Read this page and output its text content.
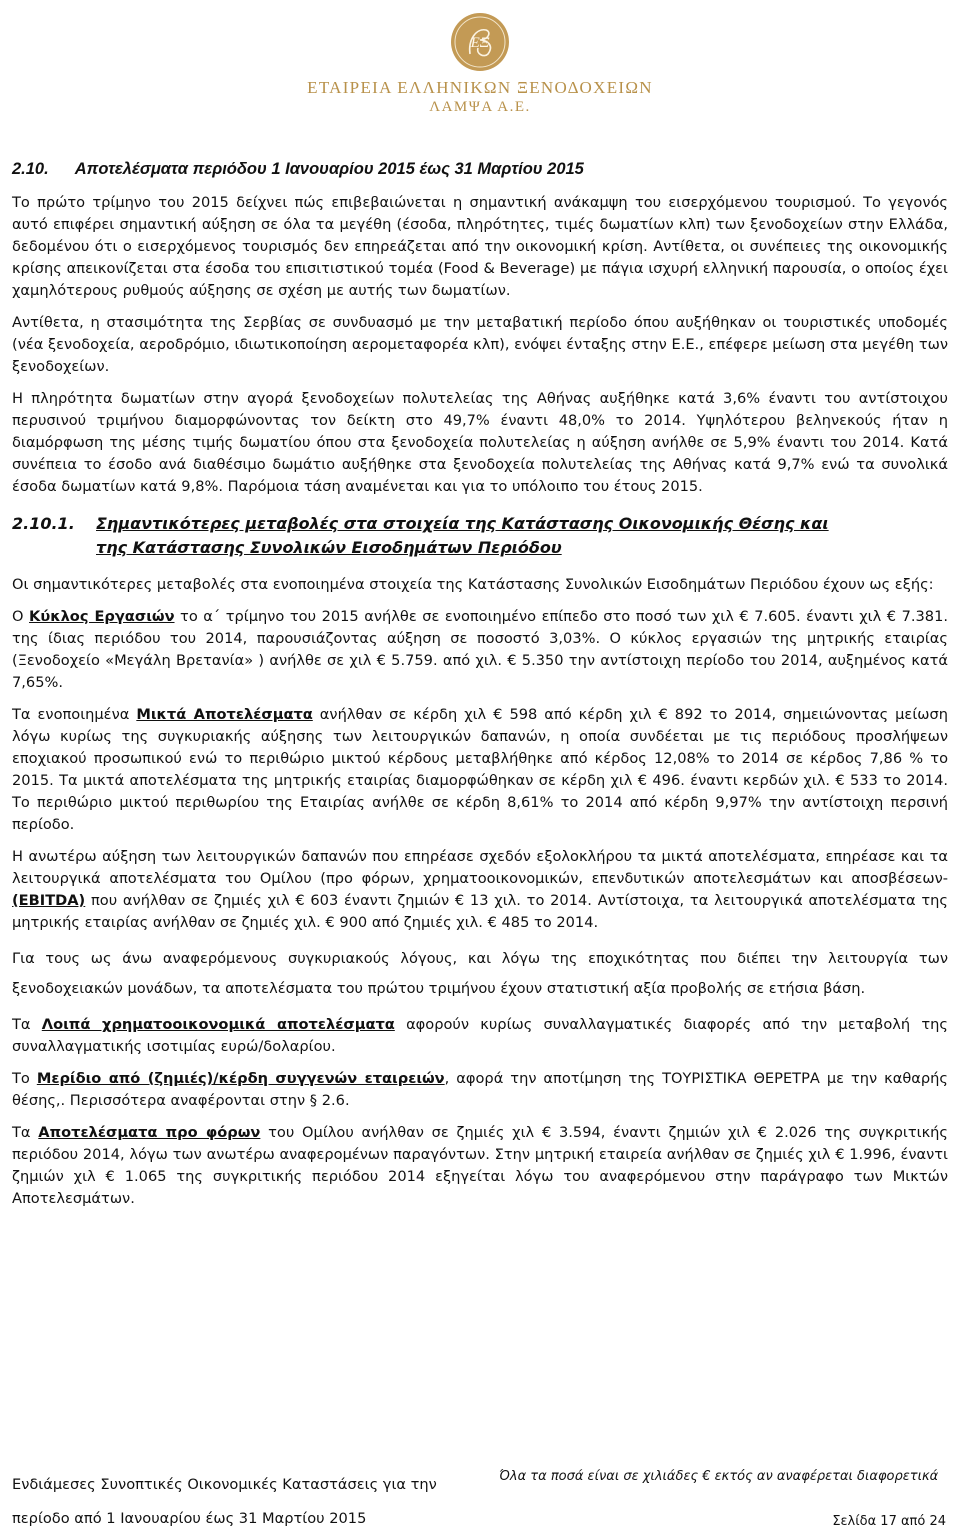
ΕΞ
ΕΤΑΙΡΕΙΑ ΕΛΛΗΝΙΚΩΝ ΞΕΝΟΔΟΧΕΙΩΝ
ΛΑΜΨΑ Α.Ε.
2.10. Αποτελέσματα περιόδου 1 Ιανουαρίου 2015 έως 31 Μαρτίου 2015

Το πρώτο τρίμηνο του 2015 δείχνει πώς επιβεβαιώνεται η σημαντική ανάκαμψη του εισερχόμενου τουρισμού. Το γεγονός αυτό επιφέρει σημαντική αύξηση σε όλα τα μεγέθη (έσοδα, πληρότητες, τιμές δωματίων κλπ) των ξενοδοχείων στην Ελλάδα, δεδομένου ότι ο εισερχόμενος τουρισμός δεν επηρεάζεται από την οικονομική κρίση. Αντίθετα, οι συνέπειες της οικονομικής κρίσης απεικονίζεται στα έσοδα του επισιτιστικού τομέα (Food & Beverage) με πάγια ισχυρή ελληνική παρουσία, ο οποίος έχει χαμηλότερους ρυθμούς αύξησης σε σχέση με αυτής των δωματίων.

Αντίθετα, η στασιμότητα της Σερβίας σε συνδυασμό με την μεταβατική περίοδο όπου αυξήθηκαν οι τουριστικές υποδομές (νέα ξενοδοχεία, αεροδρόμιο, ιδιωτικοποίηση αερομεταφορέα κλπ), ενόψει ένταξης στην Ε.Ε., επέφερε μείωση στα μεγέθη των ξενοδοχείων.

Η πληρότητα δωματίων στην αγορά ξενοδοχείων πολυτελείας της Αθήνας αυξήθηκε κατά 3,6% έναντι του αντίστοιχου περυσινού τριμήνου διαμορφώνοντας τον δείκτη στο 49,7% έναντι 48,0% το 2014. Υψηλότερου βεληνεκούς ήταν η διαμόρφωση της μέσης τιμής δωματίου όπου στα ξενοδοχεία πολυτελείας η αύξηση ανήλθε σε 5,9% έναντι του 2014. Κατά συνέπεια το έσοδο ανά διαθέσιμο δωμάτιο αυξήθηκε στα ξενοδοχεία πολυτελείας της Αθήνας κατά 9,7% ενώ τα συνολικά έσοδα δωματίων κατά 9,8%. Παρόμοια τάση αναμένεται και για το υπόλοιπο του έτους 2015.

2.10.1. Σημαντικότερες μεταβολές στα στοιχεία της Κατάστασης Οικονομικής Θέσης και
της Κατάστασης Συνολικών Εισοδημάτων Περιόδου

Οι σημαντικότερες μεταβολές στα ενοποιημένα στοιχεία της Κατάστασης Συνολικών Εισοδημάτων Περιόδου έχουν ως εξής:

Ο Κύκλος Εργασιών το α΄ τρίμηνο του 2015 ανήλθε σε ενοποιημένο επίπεδο στο ποσό των χιλ € 7.605. έναντι χιλ € 7.381. της ίδιας περιόδου του 2014, παρουσιάζοντας αύξηση σε ποσοστό 3,03%. Ο κύκλος εργασιών της μητρικής εταιρίας (Ξενοδοχείο «Μεγάλη Βρετανία» ) ανήλθε σε χιλ € 5.759. από χιλ. € 5.350 την αντίστοιχη περίοδο του 2014, αυξημένος κατά 7,65%.

Τα ενοποιημένα Μικτά Αποτελέσματα ανήλθαν σε κέρδη χιλ € 598 από κέρδη χιλ € 892 το 2014, σημειώνοντας μείωση λόγω κυρίως της συγκυριακής αύξησης των λειτουργικών δαπανών, η οποία συνδέεται με τις περιόδους προσλήψεων εποχιακού προσωπικού ενώ το περιθώριο μικτού κέρδους μεταβλήθηκε από κέρδος 12,08% το 2014 σε κέρδος 7,86 % το 2015. Τα μικτά αποτελέσματα της μητρικής εταιρίας διαμορφώθηκαν σε κέρδη χιλ € 496. έναντι κερδών χιλ. € 533 το 2014. Το περιθώριο μικτού περιθωρίου της Εταιρίας ανήλθε σε κέρδη 8,61% το 2014 από κέρδη 9,97% την αντίστοιχη περσινή περίοδο.

Η ανωτέρω αύξηση των λειτουργικών δαπανών που επηρέασε σχεδόν εξολοκλήρου τα μικτά αποτελέσματα, επηρέασε και τα λειτουργικά αποτελέσματα του Ομίλου (προ φόρων, χρηματοοικονομικών, επενδυτικών αποτελεσμάτων και αποσβέσεων-(EBITDA) που ανήλθαν σε ζημιές χιλ € 603 έναντι ζημιών € 13 χιλ. το 2014. Αντίστοιχα, τα λειτουργικά αποτελέσματα της μητρικής εταιρίας ανήλθαν σε ζημιές χιλ. € 900 από ζημιές χιλ. € 485 το 2014.

Για τους ως άνω αναφερόμενους συγκυριακούς λόγους, και λόγω της εποχικότητας που διέπει την λειτουργία των ξενοδοχειακών μονάδων, τα αποτελέσματα του πρώτου τριμήνου έχουν στατιστική αξία προβολής σε ετήσια βάση.

Τα Λοιπά χρηματοοικονομικά αποτελέσματα αφορούν κυρίως συναλλαγματικές διαφορές από την μεταβολή της συναλλαγματικής ισοτιμίας ευρώ/δολαρίου.

Το Μερίδιο από (ζημιές)/κέρδη συγγενών εταιρειών, αφορά την αποτίμηση της ΤΟΥΡΙΣΤΙΚΑ ΘΕΡΕΤΡΑ με την καθαρής θέσης,. Περισσότερα αναφέρονται στην § 2.6.

Τα Αποτελέσματα προ φόρων του Ομίλου ανήλθαν σε ζημιές χιλ € 3.594, έναντι ζημιών χιλ € 2.026 της συγκριτικής περιόδου 2014, λόγω των ανωτέρω αναφερομένων παραγόντων. Στην μητρική εταιρεία ανήλθαν σε ζημιές χιλ € 1.996, έναντι ζημιών χιλ € 1.065 της συγκριτικής περιόδου 2014 εξηγείται λόγω του αναφερόμενου στην παράγραφο των Μικτών Αποτελεσμάτων.

Ενδιάμεσες Συνοπτικές Οικονομικές Καταστάσεις για την
περίοδο από 1 Ιανουαρίου έως 31 Μαρτίου 2015
Όλα τα ποσά είναι σε χιλιάδες € εκτός αν αναφέρεται διαφορετικά
Σελίδα 17 από 24
